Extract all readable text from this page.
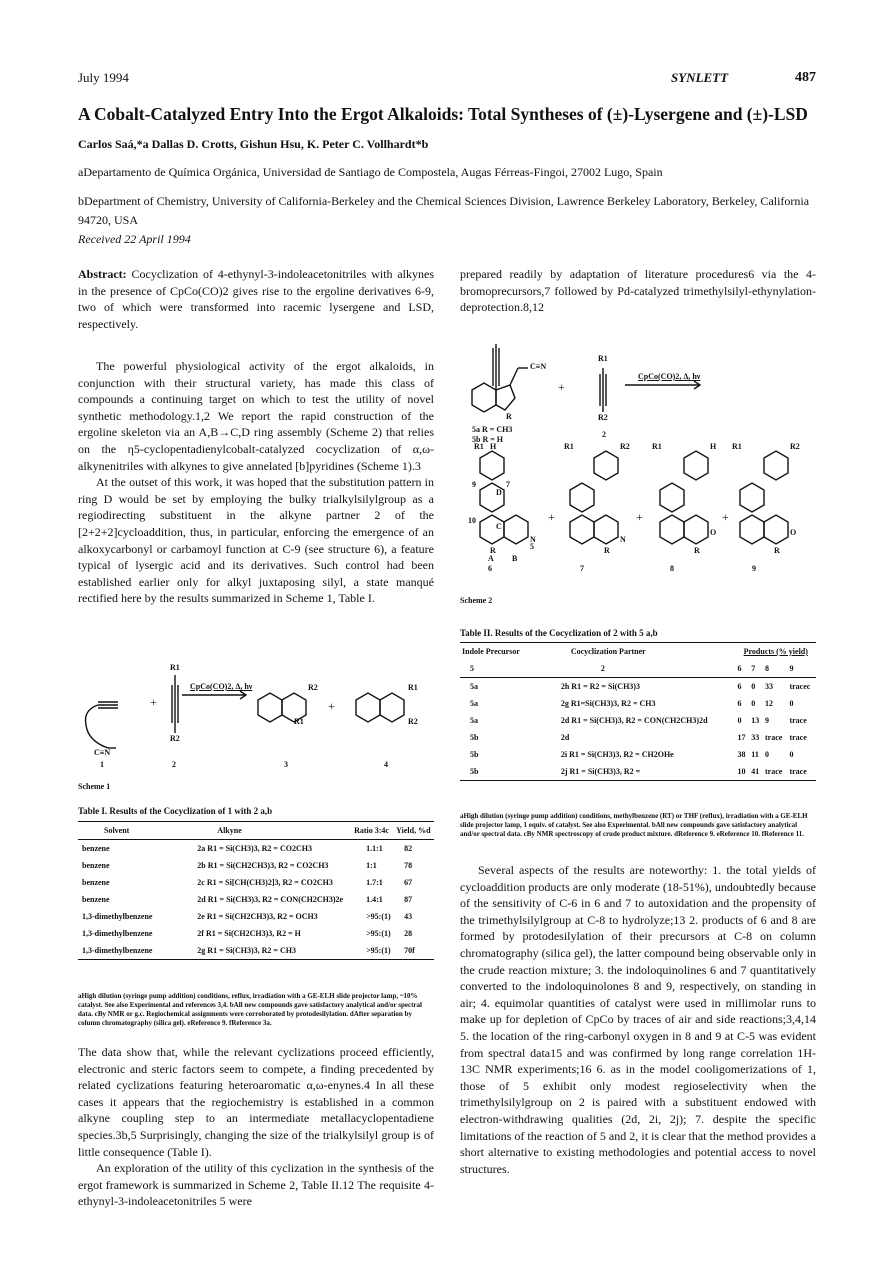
July 1994	SYNLETT	487
A Cobalt-Catalyzed Entry Into the Ergot Alkaloids: Total Syntheses of (±)-Lysergene and (±)-LSD
Carlos Saá,*a Dallas D. Crotts, Gishun Hsu, K. Peter C. Vollhardt*b
aDepartamento de Química Orgánica, Universidad de Santiago de Compostela, Augas Férreas-Fingoi, 27002 Lugo, Spain
bDepartment of Chemistry, University of California-Berkeley and the Chemical Sciences Division, Lawrence Berkeley Laboratory, Berkeley, California 94720, USA
Received 22 April 1994

Abstract: Cocyclization of 4-ethynyl-3-indoleacetonitriles with alkynes in the presence of CpCo(CO)2 gives rise to the ergoline derivatives 6-9, two of which were transformed into racemic lysergene and LSD, respectively.

The powerful physiological activity of the ergot alkaloids, in conjunction with their structural variety, has made this class of compounds a continuing target on which to test the utility of novel synthetic methodology.1,2 We report the rapid construction of the ergoline skeleton via an A,B→C,D ring assembly (Scheme 2) that relies on the η5-cyclopentadienylcobalt-catalyzed cocyclization of α,ω-alkynenitriles with alkynes to give annelated [b]pyridines (Scheme 1).3

At the outset of this work, it was hoped that the substitution pattern in ring D would be set by employing the bulky trialkylsilylgroup as a regiodirecting substituent in the alkyne partner 2 of the [2+2+2]cycloaddition, thus, in particular, enforcing the emergence of an alkoxycarbonyl or carbamoyl function at C-9 (see structure 6), a feature typical of lysergic acid and its derivatives. Such control had been established earlier only for alkyl juxtaposing silyl, a state manqué rectified here by the results summarized in Scheme 1, Table I.

C≡N
R1
R2
+	+
CpCo(CO)2, Δ, hν	R2
R1
R1
R2
1	2	3	4
Scheme 1
Table I. Results of the Cocyclization of 1 with 2 a,b
Solvent	Alkyne	Ratio 3:4c	Yield, %d
benzene	2a R1 = Si(CH3)3, R2 = CO2CH3	1.1:1	82
benzene	2b R1 = Si(CH2CH3)3, R2 = CO2CH3	1:1	78
benzene	2c R1 = Si[CH(CH3)2]3, R2 = CO2CH3	1.7:1	67
benzene	2d R1 = Si(CH3)3, R2 = CON(CH2CH3)2e	1.4:1	87
1,3-dimethylbenzene	2e R1 = Si(CH2CH3)3, R2 = OCH3	>95:(1)	43
1,3-dimethylbenzene	2f R1 = Si(CH2CH3)3, R2 = H	>95:(1)	28
1,3-dimethylbenzene	2g R1 = Si(CH3)3, R2 = CH3	>95:(1)	70f
aHigh dilution (syringe pump addition) conditions, reflux, irradiation with a GE-ELH slide projector lamp, ~10% catalyst. See also Experimental and references 3,4. bAll new compounds gave satisfactory analytical and/or spectral data. cBy NMR or g.c. Regiochemical assignments were corroborated by protodesilylation. dAfter separation by column chromatography (silica gel). eReference 9. fReference 3a.

The data show that, while the relevant cyclizations proceed efficiently, electronic and steric factors seem to compete, a finding precedented by related cyclizations featuring heteroaromatic α,ω-enynes.4 In all these cases it appears that the regiochemistry is established in a common alkyne coupling step to an intermediate metallacyclopentadiene species.3b,5 Surprisingly, changing the size of the trialkylsilyl group is of little consequence (Table I).

An exploration of the utility of this cyclization in the synthesis of the ergot framework is summarized in Scheme 2, Table II.12 The requisite 4-ethynyl-3-indoleacetonitriles 5 were

prepared readily by adaptation of literature procedures6 via the 4-bromoprecursors,7 followed by Pd-catalyzed trimethylsilyl-ethynylation-deprotection.8,12

C≡N
R1
R2
R
+
CpCo(CO)2, Δ, hν
5a R = CH3
5b R = H
2
D
C
A B
7
9
10
5
R1	R1	R1	R1
R2	H	R2
H
N	N
O	O
R	R	R	R
+	+	+
6	7	8	9
Scheme 2
Table II. Results of the Cocyclization of 2 with 5 a,b
Indole Precursor	Cocyclization Partner	Products (% yield)			
5	2	6	7	8	9
5a	2h R1 = R2 = Si(CH3)3	6	0	33	tracec
5a	2g R1=Si(CH3)3, R2 = CH3	6	0	12	0
5a	2d R1 = Si(CH3)3, R2 = CON(CH2CH3)2d	0	13	9	trace
5b	2d	17	33	trace	trace
5b	2i R1 = Si(CH3)3, R2 = CH2OHe	38	11	0	0
5b	2j R1 = Si(CH3)3, R2 =	10	41	trace	trace
aHigh dilution (syringe pump addition) conditions, methylbenzene (RT) or THF (reflux), irradiation with a GE-ELH slide projector lamp, 1 equiv. of catalyst. See also Experimental. bAll new compounds gave satisfactory analytical and/or spectral data. cBy NMR spectroscopy of crude product mixture. dReference 9. eReference 10. fReference 11.

Several aspects of the results are noteworthy: 1. the total yields of cycloaddition products are only moderate (18-51%), undoubtedly because of the sensitivity of C-6 in 6 and 7 to autoxidation and the propensity of the trimethylsilylgroup at C-8 to hydrolyze;13 2. products of 6 and 8 are formed by protodesilylation of their precursors at C-8 on column chromatography (silica gel), the latter compound being observable only in the crude reaction mixture; 3. the indoloquinolines 6 and 7 quantitatively converted to the indoloquinolones 8 and 9, respectively, on standing in air; 4. equimolar quantities of catalyst were used in millimolar runs to make up for depletion of CpCo by traces of air and side reactions;3,4,14 5. the location of the ring-carbonyl oxygen in 8 and 9 at C-5 was evident from spectral data15 and was confirmed by long range correlation 1H-13C NMR experiments;16 6. as in the model cooligomerizations of 1, those of 5 exhibit only modest regioselectivity when the trimethylsilylgroup on 2 is paired with a substituent endowed with electron-withdrawing qualities (2d, 2i, 2j); 7. despite the specific limitations of the reaction of 5 and 2, it is clear that the method provides a short alternative to existing methodologies and potential access to novel structures.
